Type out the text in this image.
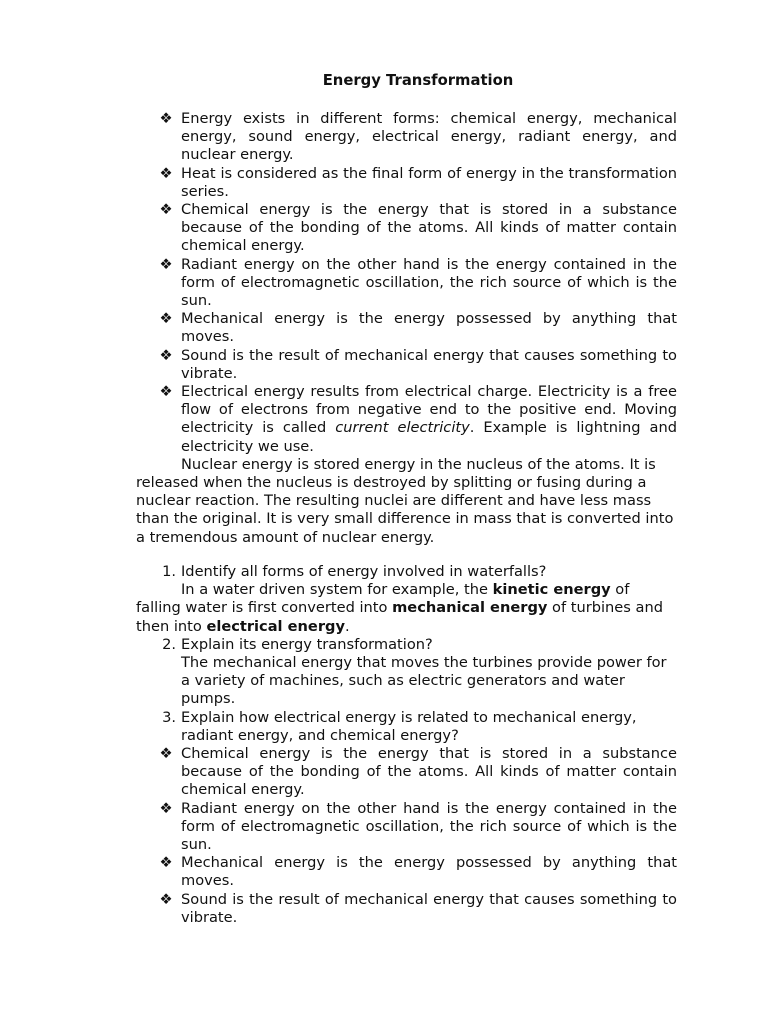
Energy Transformation
❖ Energy exists in different forms: chemical energy, mechanical energy, sound energy, electrical energy, radiant energy, and nuclear energy.
❖ Heat is considered as the final form of energy in the transformation series.
❖ Chemical energy is the energy that is stored in a substance because of the bonding of the atoms. All kinds of matter contain chemical energy.
❖ Radiant energy on the other hand is the energy contained in the form of electromagnetic oscillation, the rich source of which is the sun.
❖ Mechanical energy is the energy possessed by anything that moves.
❖ Sound is the result of mechanical energy that causes something to vibrate.
❖ Electrical energy results from electrical charge. Electricity is a free flow of electrons from negative end to the positive end. Moving electricity is called current electricity. Example is lightning and electricity we use.
Nuclear energy is stored energy in the nucleus of the atoms. It is released when the nucleus is destroyed by splitting or fusing during a nuclear reaction. The resulting nuclei are different and have less mass than the original. It is very small difference in mass that is converted into a tremendous amount of nuclear energy.
1. Identify all forms of energy involved in waterfalls?
In a water driven system for example, the kinetic energy of falling water is first converted into mechanical energy of turbines and then into electrical energy.
2. Explain its energy transformation?
The mechanical energy that moves the turbines provide power for a variety of machines, such as electric generators and water pumps.
3. Explain how electrical energy is related to mechanical energy, radiant energy, and chemical energy?
❖ Chemical energy is the energy that is stored in a substance because of the bonding of the atoms. All kinds of matter contain chemical energy.
❖ Radiant energy on the other hand is the energy contained in the form of electromagnetic oscillation, the rich source of which is the sun.
❖ Mechanical energy is the energy possessed by anything that moves.
❖ Sound is the result of mechanical energy that causes something to vibrate.
